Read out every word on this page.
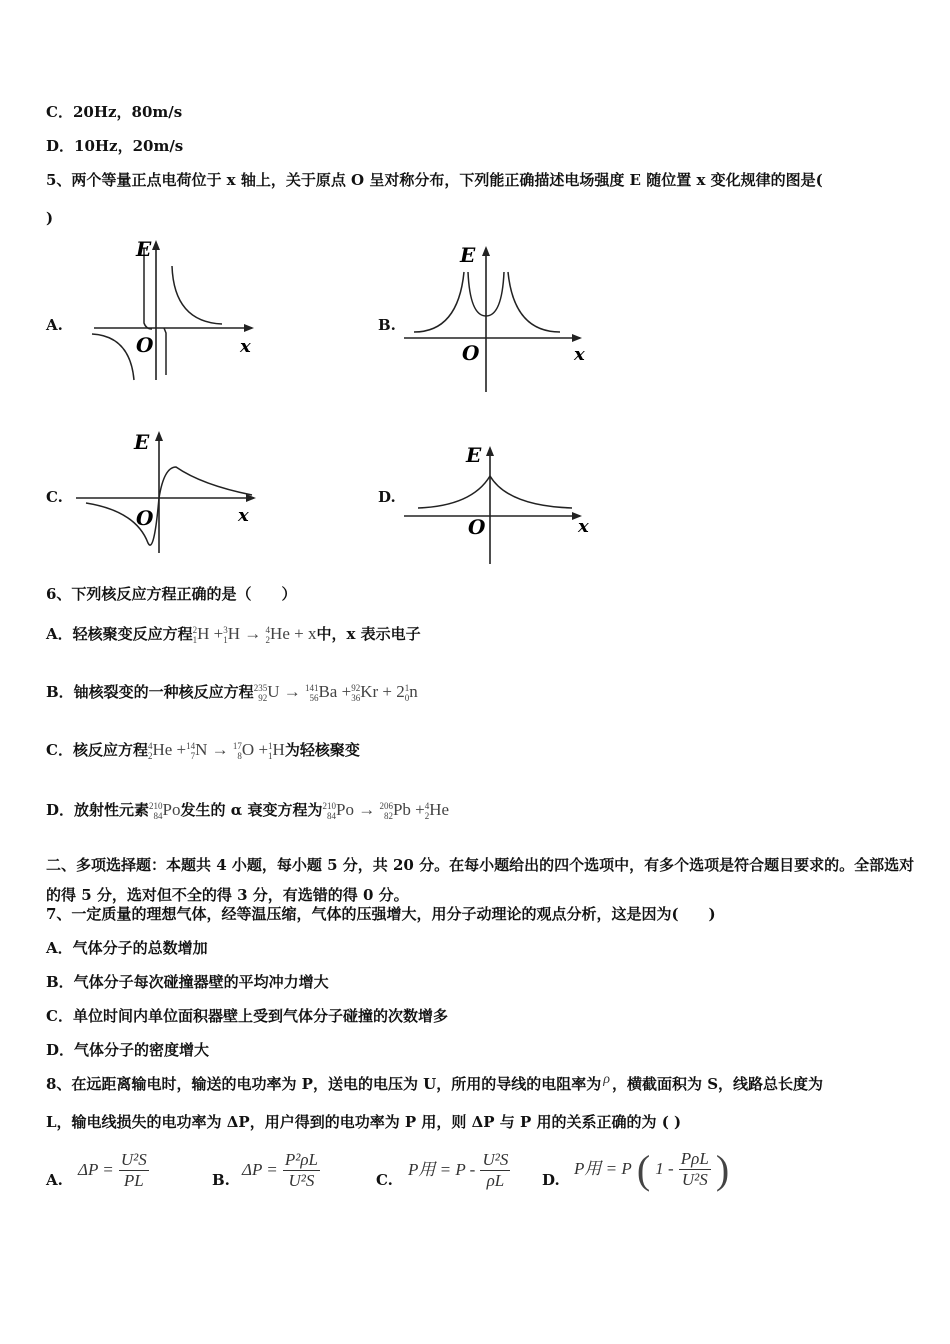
C．20Hz，80m/s
D．10Hz，20m/s
5、两个等量正点电荷位于 x 轴上，关于原点 O 呈对称分布，下列能正确描述电场强度 E 随位置 x 变化规律的图是(
)
A.
E
O	x
B.
E
O	x
C.
E
O	x
D.
E
O	x
6、下列核反应方程正确的是（　　）
A．轻核聚变反应方程2
1H +3
1H → 4
2He + x中，x 表示电子
B．铀核裂变的一种核反应方程235
92U → 141
56Ba +92
36Kr + 21
0n
C．核反应方程4
2He +14
7N → 17
8O +1
1H为轻核聚变
D．放射性元素210
84Po发生的 α 衰变方程为210
84Po → 206
82Pb +4
2He
二、多项选择题：本题共 4 小题，每小题 5 分，共 20 分。在每小题给出的四个选项中，有多个选项是符合题目要求的。全部选对的得 5 分，选对但不全的得 3 分，有选错的得 0 分。
7、一定质量的理想气体，经等温压缩，气体的压强增大，用分子动理论的观点分析，这是因为(　　)
A．气体分子的总数增加
B．气体分子每次碰撞器壁的平均冲力增大
C．单位时间内单位面积器壁上受到气体分子碰撞的次数增多
D．气体分子的密度增大
8、在远距离输电时，输送的电功率为 P，送电的电压为 U，所用的导线的电阻率为 ρ ，横截面积为 S，线路总长度为
L，输电线损失的电功率为 ΔP，用户得到的电功率为 P 用，则 ΔP 与 P 用的关系正确的为 ( )
A.
$\Delta P = \frac{\text{U²S}}{PL}$	B.
$\Delta P = \frac{\text{P²ρL}}{\text{U²S}}$	C.
P用 = P - $\frac{\text{U²S}}{\rho L} D$.
P用 = P ( $1 - \frac{\text{PρL}}{\text{U²S}}$ )
